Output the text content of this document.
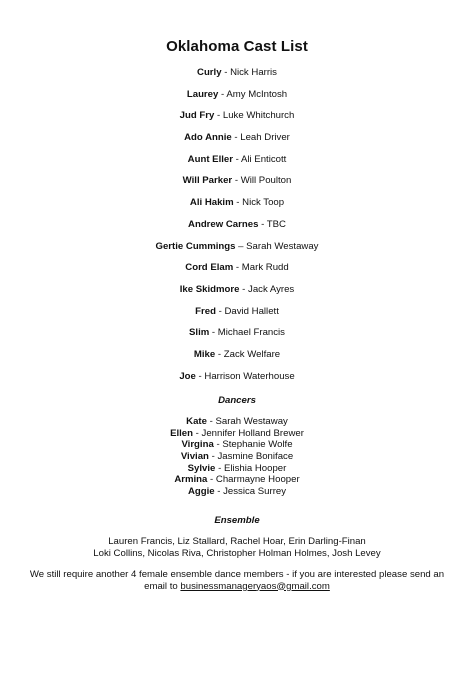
Oklahoma Cast List
Curly - Nick Harris
Laurey - Amy McIntosh
Jud Fry - Luke Whitchurch
Ado Annie - Leah Driver
Aunt Eller - Ali Enticott
Will Parker - Will Poulton
Ali Hakim - Nick Toop
Andrew Carnes - TBC
Gertie Cummings – Sarah Westaway
Cord Elam - Mark Rudd
Ike Skidmore - Jack Ayres
Fred - David Hallett
Slim - Michael Francis
Mike - Zack Welfare
Joe - Harrison Waterhouse
Dancers
Kate - Sarah Westaway
Ellen - Jennifer Holland Brewer
Virgina - Stephanie Wolfe
Vivian - Jasmine Boniface
Sylvie - Elishia Hooper
Armina - Charmayne Hooper
Aggie - Jessica Surrey
Ensemble
Lauren Francis, Liz Stallard, Rachel Hoar, Erin Darling-Finan
Loki Collins, Nicolas Riva, Christopher Holman Holmes, Josh Levey
We still require another 4 female ensemble dance members - if you are interested please send an
email to businessmanageryaos@gmail.com
